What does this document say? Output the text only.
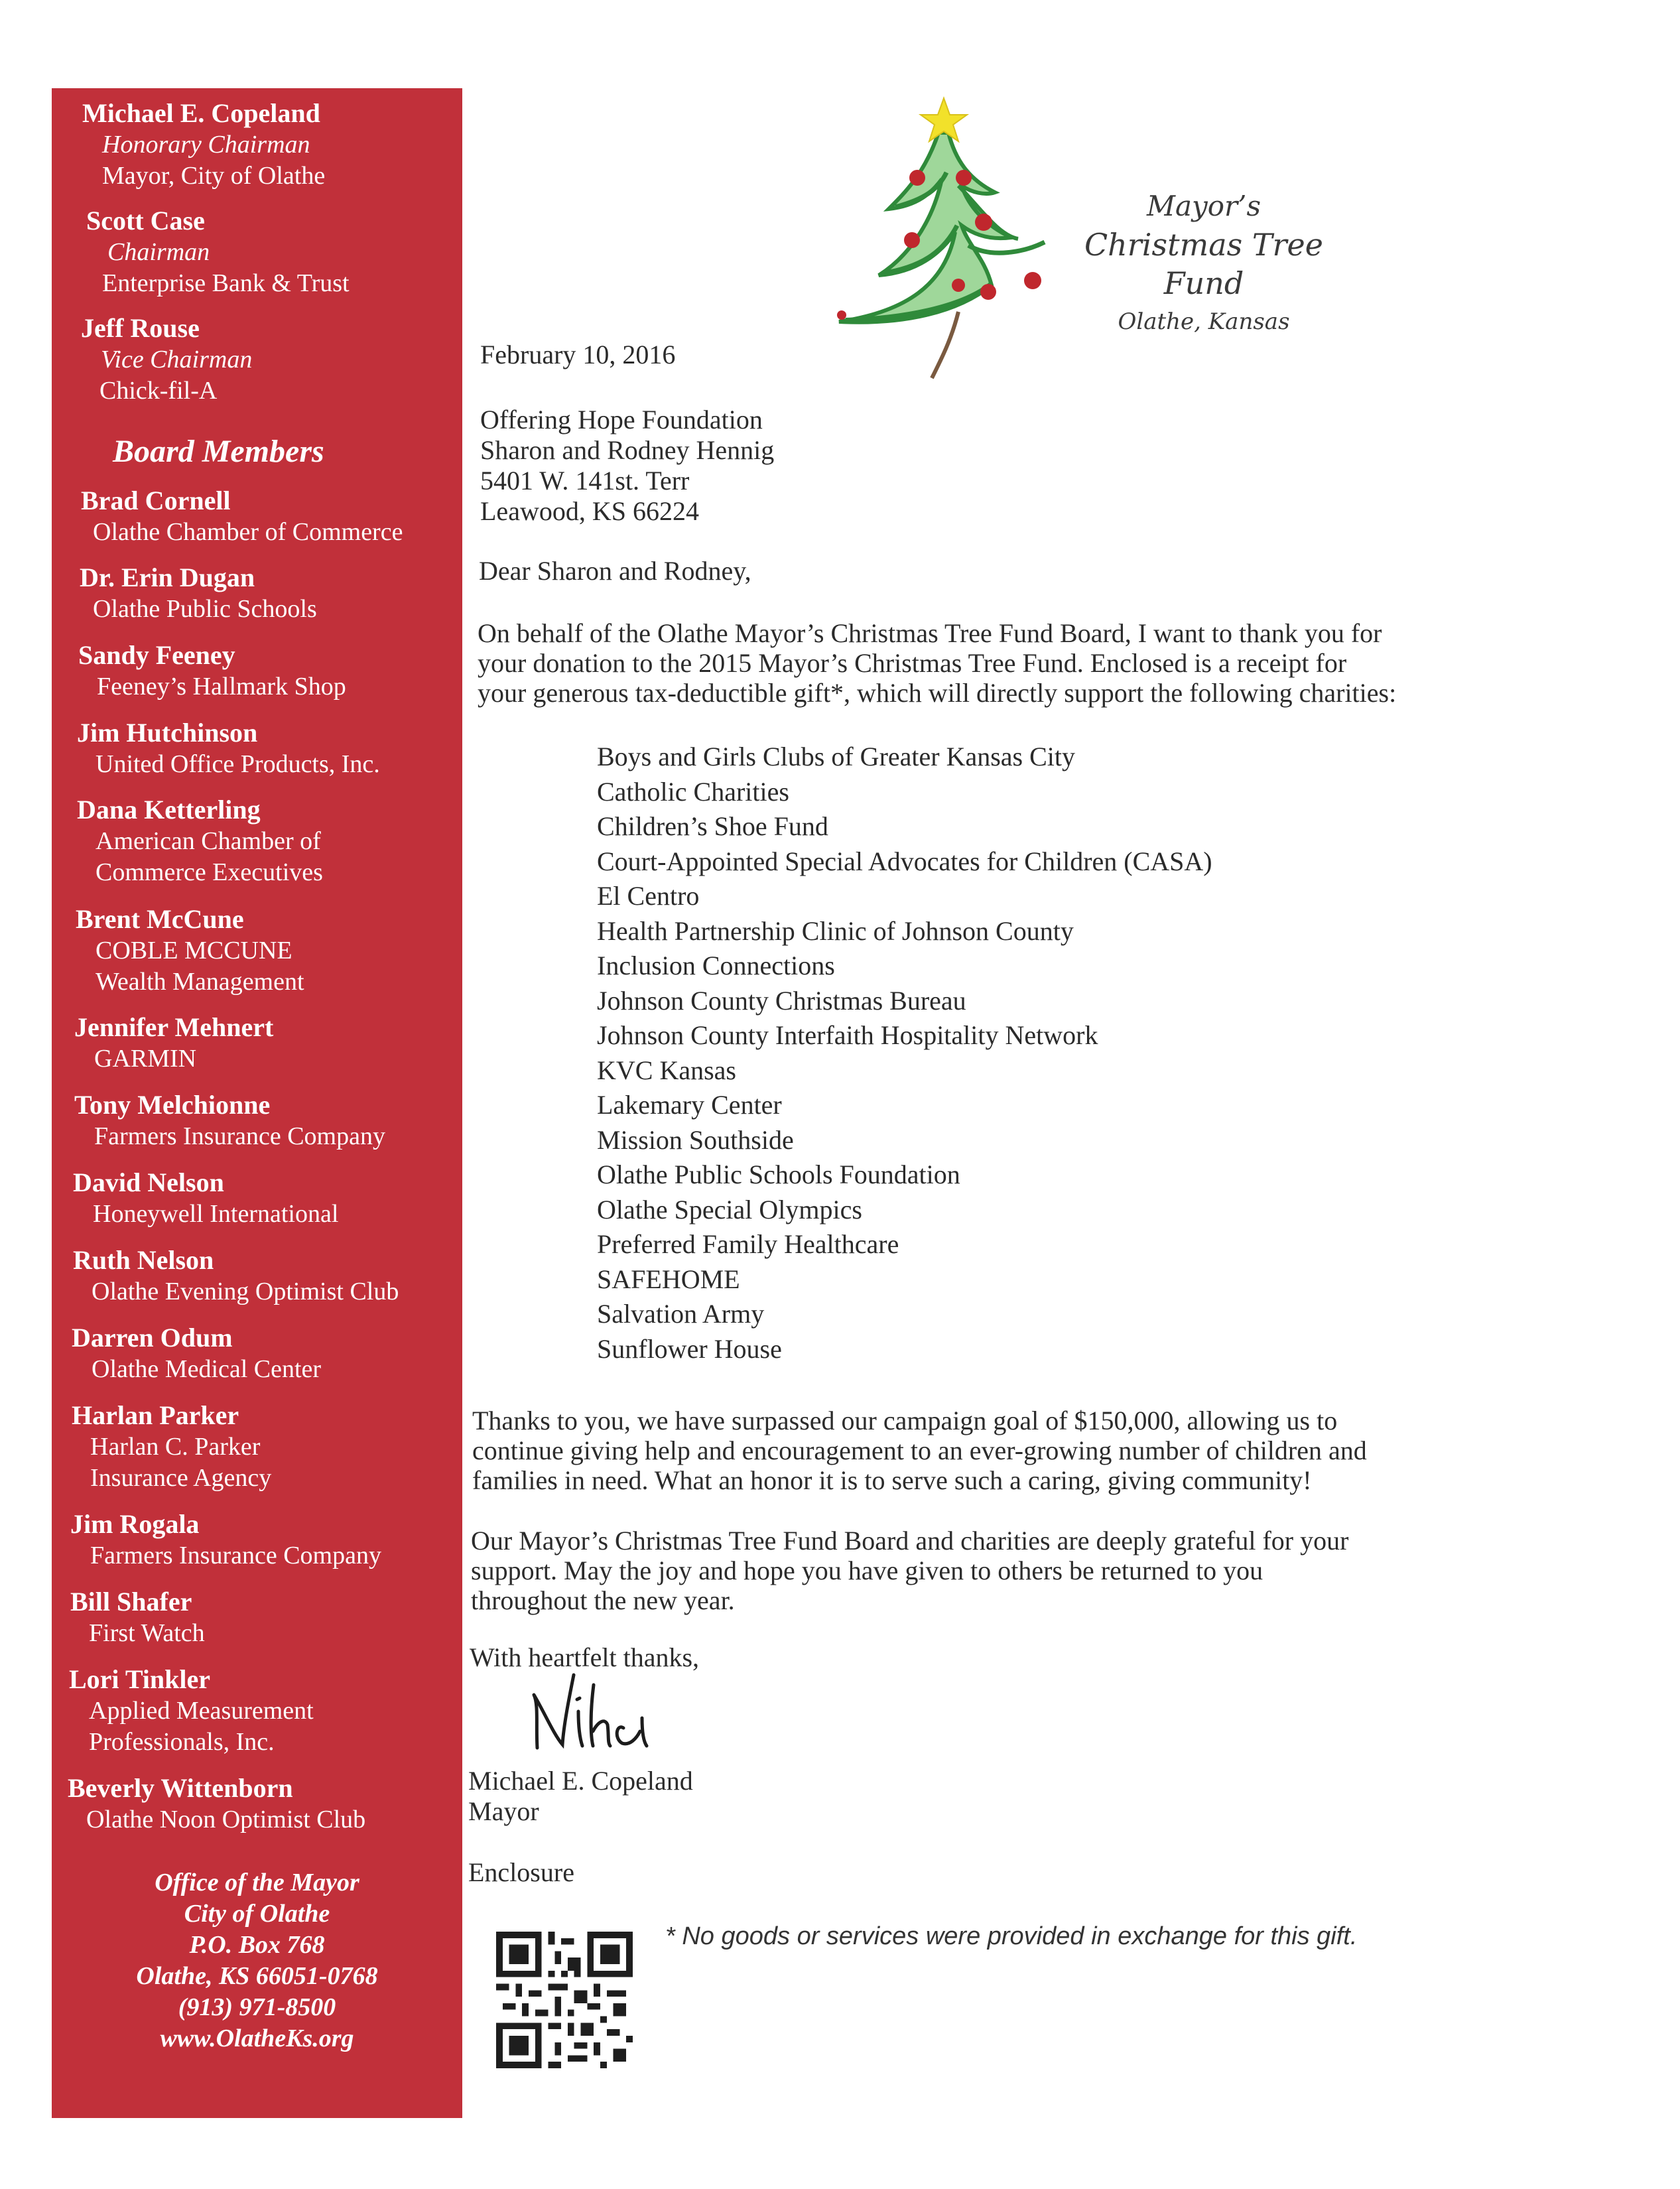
Michael E. Copeland
Honorary Chairman
Mayor, City of Olathe
Scott Case
Chairman
Enterprise Bank & Trust
Jeff Rouse
Vice Chairman
Chick-fil-A
Board Members
Brad Cornell
Olathe Chamber of Commerce
Dr. Erin Dugan
Olathe Public Schools
Sandy Feeney
Feeney’s Hallmark Shop
Jim Hutchinson
United Office Products, Inc.
Dana Ketterling
American Chamber of
Commerce Executives
Brent McCune
COBLE MCCUNE
Wealth Management
Jennifer Mehnert
GARMIN
Tony Melchionne
Farmers Insurance Company
David Nelson
Honeywell International
Ruth Nelson
Olathe Evening Optimist Club
Darren Odum
Olathe Medical Center
Harlan Parker
Harlan C. Parker
Insurance Agency
Jim Rogala
Farmers Insurance Company
Bill Shafer
First Watch
Lori Tinkler
Applied Measurement
Professionals, Inc.
Beverly Wittenborn
Olathe Noon Optimist Club
Office of the Mayor
City of Olathe
P.O. Box 768
Olathe, KS 66051-0768
(913) 971-8500
www.OlatheKs.org
Mayor’s
Christmas Tree Fund
Olathe, Kansas
February 10, 2016
Offering Hope Foundation
Sharon and Rodney Hennig
5401 W. 141st. Terr
Leawood, KS 66224
Dear Sharon and Rodney,
On behalf of the Olathe Mayor’s Christmas Tree Fund Board, I want to thank you for
your donation to the 2015 Mayor’s Christmas Tree Fund. Enclosed is a receipt for
your generous tax-deductible gift*, which will directly support the following charities:
Boys and Girls Clubs of Greater Kansas City
Catholic Charities
Children’s Shoe Fund
Court-Appointed Special Advocates for Children (CASA)
El Centro
Health Partnership Clinic of Johnson County
Inclusion Connections
Johnson County Christmas Bureau
Johnson County Interfaith Hospitality Network
KVC Kansas
Lakemary Center
Mission Southside
Olathe Public Schools Foundation
Olathe Special Olympics
Preferred Family Healthcare
SAFEHOME
Salvation Army
Sunflower House
Thanks to you, we have surpassed our campaign goal of $150,000, allowing us to
continue giving help and encouragement to an ever-growing number of children and
families in need. What an honor it is to serve such a caring, giving community!
Our Mayor’s Christmas Tree Fund Board and charities are deeply grateful for your
support. May the joy and hope you have given to others be returned to you
throughout the new year.
With heartfelt thanks,
Michael E. Copeland
Mayor
Enclosure
* No goods or services were provided in exchange for this gift.
